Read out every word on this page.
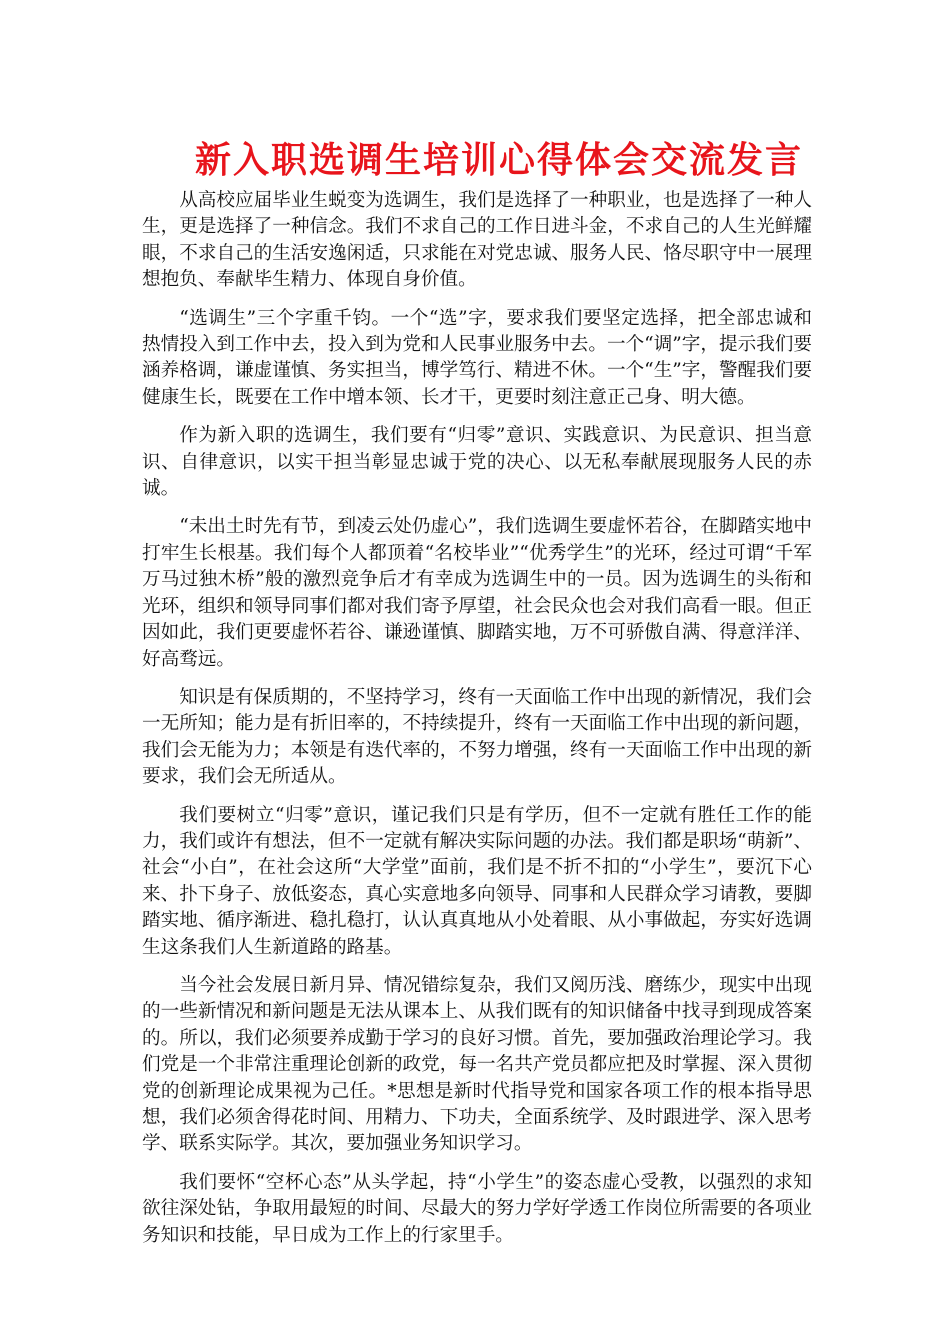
新入职选调生培训心得体会交流发言

从高校应届毕业生蜕变为选调生，我们是选择了一种职业，也是选择了一种人生，更是选择了一种信念。我们不求自己的工作日进斗金，不求自己的人生光鲜耀眼，不求自己的生活安逸闲适，只求能在对党忠诚、服务人民、恪尽职守中一展理想抱负、奉献毕生精力、体现自身价值。

“选调生”三个字重千钧。一个“选”字，要求我们要坚定选择，把全部忠诚和热情投入到工作中去，投入到为党和人民事业服务中去。一个“调”字，提示我们要涵养格调，谦虚谨慎、务实担当，博学笃行、精进不休。一个“生”字，警醒我们要健康生长，既要在工作中增本领、长才干，更要时刻注意正己身、明大德。

作为新入职的选调生，我们要有“归零”意识、实践意识、为民意识、担当意识、自律意识，以实干担当彰显忠诚于党的决心、以无私奉献展现服务人民的赤诚。

“未出土时先有节，到凌云处仍虚心”，我们选调生要虚怀若谷，在脚踏实地中打牢生长根基。我们每个人都顶着“名校毕业”“优秀学生”的光环，经过可谓“千军万马过独木桥”般的激烈竞争后才有幸成为选调生中的一员。因为选调生的头衔和光环，组织和领导同事们都对我们寄予厚望，社会民众也会对我们高看一眼。但正因如此，我们更要虚怀若谷、谦逊谨慎、脚踏实地，万不可骄傲自满、得意洋洋、好高骛远。

知识是有保质期的，不坚持学习，终有一天面临工作中出现的新情况，我们会一无所知；能力是有折旧率的，不持续提升，终有一天面临工作中出现的新问题，我们会无能为力；本领是有迭代率的，不努力增强，终有一天面临工作中出现的新要求，我们会无所适从。

我们要树立“归零”意识，谨记我们只是有学历，但不一定就有胜任工作的能力，我们或许有想法，但不一定就有解决实际问题的办法。我们都是职场“萌新”、社会“小白”，在社会这所“大学堂”面前，我们是不折不扣的“小学生”，要沉下心来、扑下身子、放低姿态，真心实意地多向领导、同事和人民群众学习请教，要脚踏实地、循序渐进、稳扎稳打，认认真真地从小处着眼、从小事做起，夯实好选调生这条我们人生新道路的路基。

当今社会发展日新月异、情况错综复杂，我们又阅历浅、磨练少，现实中出现的一些新情况和新问题是无法从课本上、从我们既有的知识储备中找寻到现成答案的。所以，我们必须要养成勤于学习的良好习惯。首先，要加强政治理论学习。我们党是一个非常注重理论创新的政党，每一名共产党员都应把及时掌握、深入贯彻党的创新理论成果视为己任。*思想是新时代指导党和国家各项工作的根本指导思想，我们必须舍得花时间、用精力、下功夫，全面系统学、及时跟进学、深入思考学、联系实际学。其次，要加强业务知识学习。

我们要怀“空杯心态”从头学起，持“小学生”的姿态虚心受教，以强烈的求知欲往深处钻，争取用最短的时间、尽最大的努力学好学透工作岗位所需要的各项业务知识和技能，早日成为工作上的行家里手。
